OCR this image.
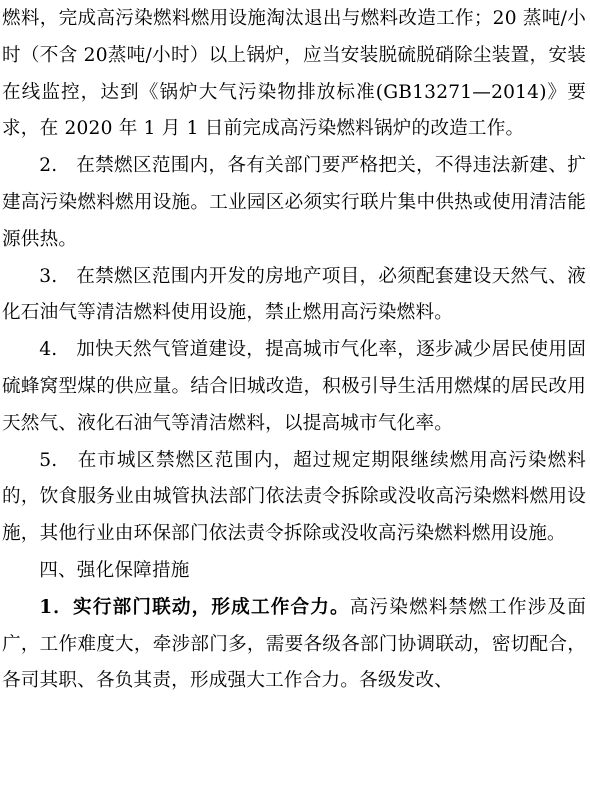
燃料，完成高污染燃料燃用设施淘汰退出与燃料改造工作；20 蒸吨/小时（不含 20蒸吨/小时）以上锅炉，应当安装脱硫脱硝除尘装置，安装在线监控，达到《锅炉大气污染物排放标准(GB13271—2014)》要求，在 2020 年 1 月 1 日前完成高污染燃料锅炉的改造工作。

2.　在禁燃区范围内，各有关部门要严格把关，不得违法新建、扩建高污染燃料燃用设施。工业园区必须实行联片集中供热或使用清洁能源供热。

3.　在禁燃区范围内开发的房地产项目，必须配套建设天然气、液化石油气等清洁燃料使用设施，禁止燃用高污染燃料。

4.　加快天然气管道建设，提高城市气化率，逐步减少居民使用固硫蜂窝型煤的供应量。结合旧城改造，积极引导生活用燃煤的居民改用天然气、液化石油气等清洁燃料，以提高城市气化率。

5.　在市城区禁燃区范围内，超过规定期限继续燃用高污染燃料的，饮食服务业由城管执法部门依法责令拆除或没收高污染燃料燃用设施，其他行业由环保部门依法责令拆除或没收高污染燃料燃用设施。

四、强化保障措施

1．实行部门联动，形成工作合力。高污染燃料禁燃工作涉及面广，工作难度大，牵涉部门多，需要各级各部门协调联动，密切配合，各司其职、各负其责，形成强大工作合力。各级发改、
